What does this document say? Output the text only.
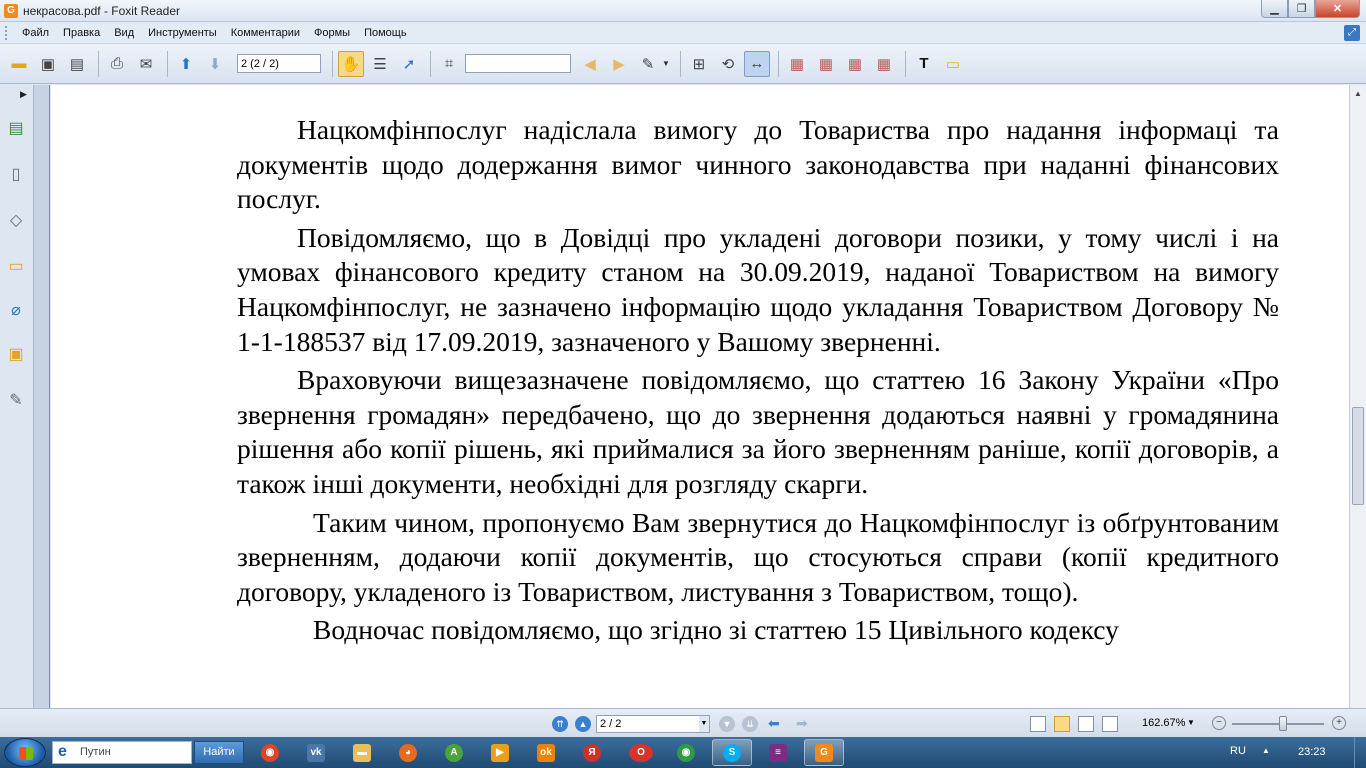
G некрасова.pdf - Foxit Reader	▁	❐	✕
Файл	Правка	Вид	Инструменты	Комментарии	Формы	Помощь	⤢
▬ ▣ ▤	⎙	✉	⬆	⬇
2 (2 / 2)	✋ ☰	➚	⌗	◀	▶	✎ ▼	⊞	⟲	↔	▦ ▦ ▦ ▦	T	▭
▶
▤
▯
◇
▭
⌀
▣
✎

Нацкомфінпослуг надіслала вимогу до Товариства про надання інформаці та документів щодо додержання вимог чинного законодавства при наданні фінансових послуг.

Повідомляємо, що в Довідці про укладені договори позики, у тому числі і на умовах фінансового кредиту станом на 30.09.2019, наданої Товариством на вимогу Нацкомфінпослуг, не зазначено інформацію щодо укладання Товариством Договору № 1-1-188537 від 17.09.2019, зазначеного у Вашому зверненні.

Враховуючи вищезазначене повідомляємо, що статтею 16 Закону України «Про звернення громадян» передбачено, що до звернення додаються наявні у громадянина рішення або копії рішень, які приймалися за його зверненням раніше, копії договорів, а також інші документи, необхідні для розгляду скарги.

Таким чином, пропонуємо Вам звернутися до Нацкомфінпослуг із обґрунтованим зверненням, додаючи копії документів, що стосуються справи (копії кредитного договору, укладеного із Товариством, листування з Товариством, тощо).

Водночас повідомляємо, що згідно зі статтею 15 Цивільного кодексу

▲
⇈	▲	2 / 2	▼	▼	⇊	⬅ ➡	162.67% ▼	−	+
e Путин	Найти	◉	vk	▬	◕	A	▶	ok	Я	O	◉	S	≡	G	RU ▲	23:23
